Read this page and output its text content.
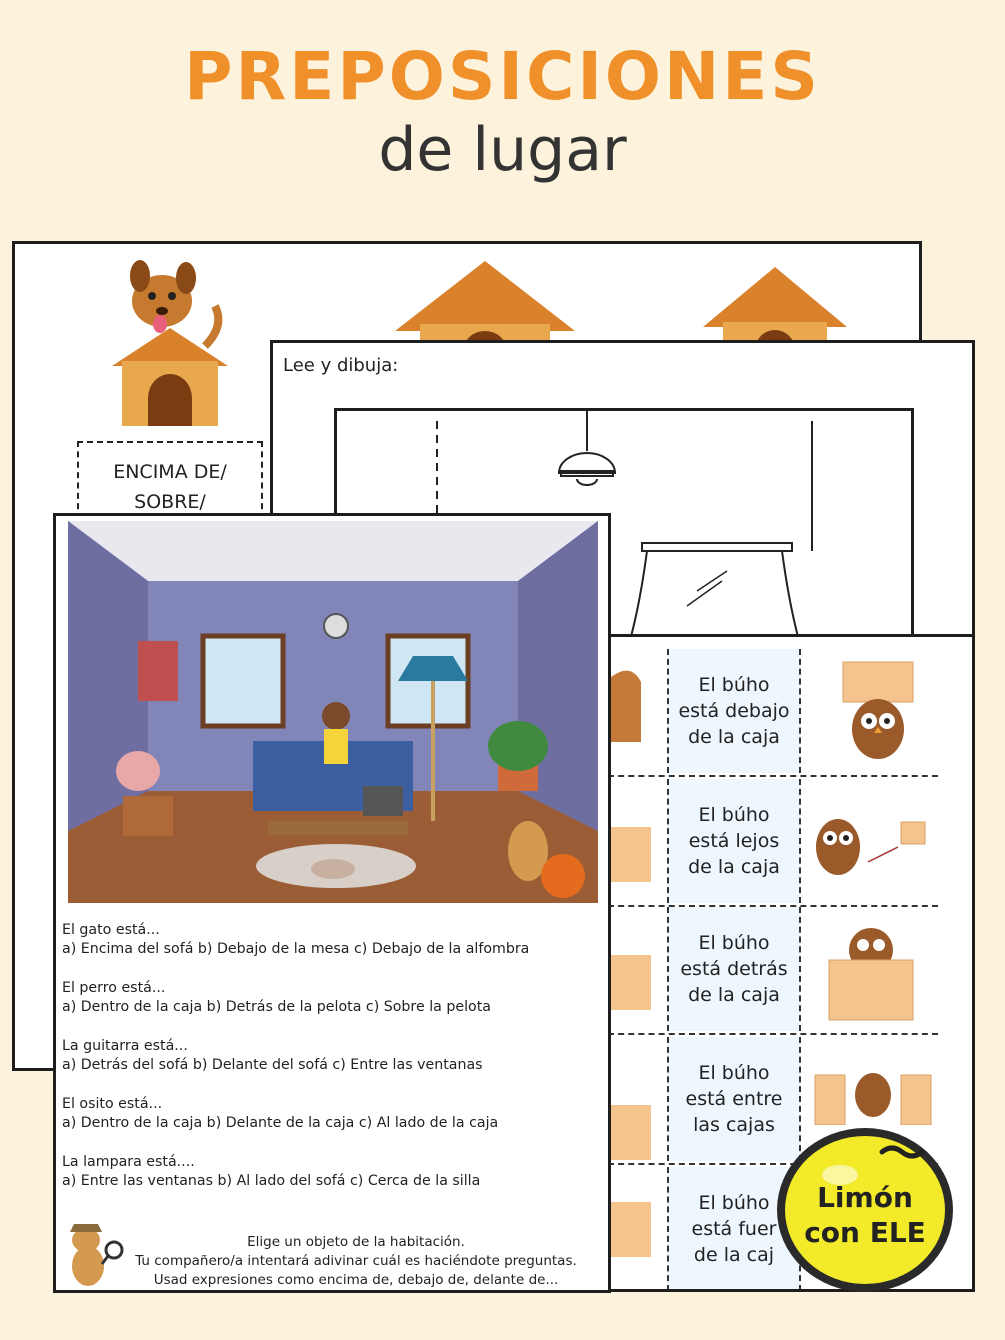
PREPOSICIONES
de lugar
ENCIMA DE/
SOBRE/
Lee y dibuja:
El búho
está debajo
de la caja
El búho
está lejos
de la caja
El búho
está detrás
de la caja
El búho
está entre
las cajas
El búho
está fuer
de la caj
El gato está...
a) Encima del sofá b) Debajo de la mesa c) Debajo de la alfombra
El perro está...
a) Dentro de la caja b) Detrás de la pelota c) Sobre la pelota
La guitarra está...
a) Detrás del sofá b) Delante del sofá c) Entre las ventanas
El osito está...
a) Dentro de la caja b) Delante de la caja c) Al lado de la caja
La lampara está....
a) Entre las ventanas b) Al lado del sofá c) Cerca de la silla
Elige un objeto de la habitación.
Tu compañero/a intentará adivinar cuál es haciéndote preguntas.
Usad expresiones como encima de, debajo de, delante de...
Limón
con ELE
